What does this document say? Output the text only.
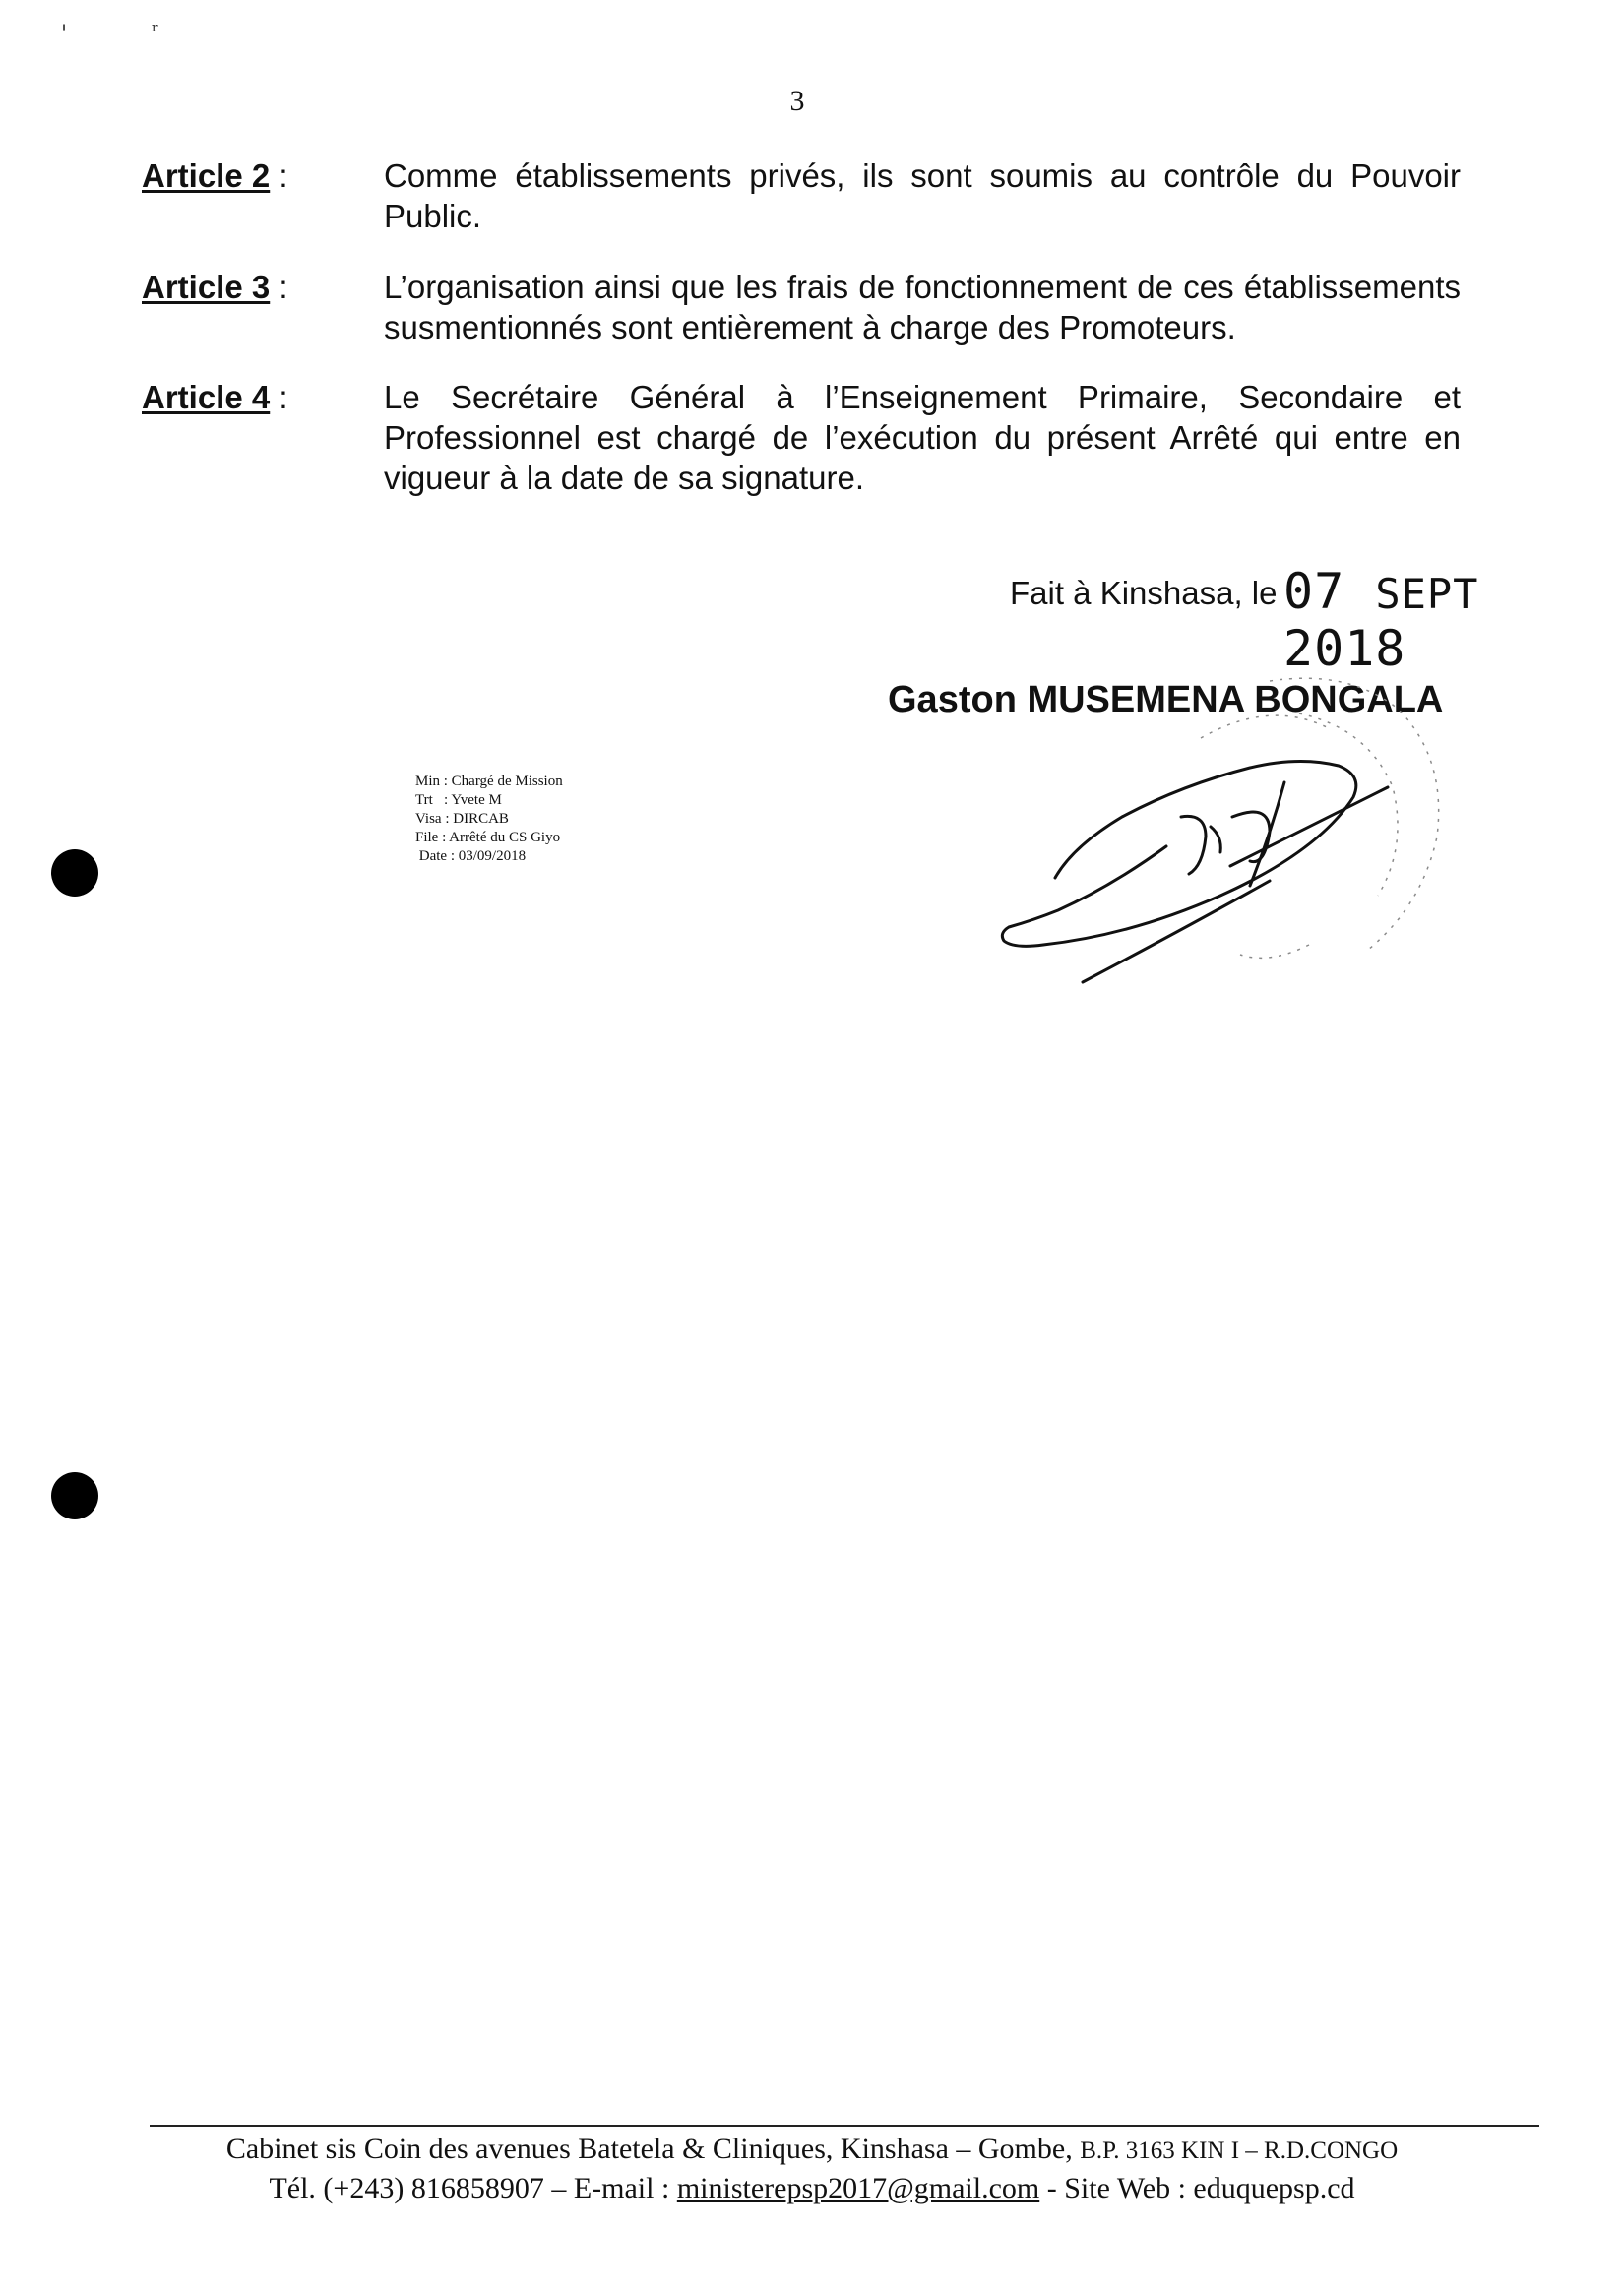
'	ʳ
3
Article 2 :	Comme établissements privés, ils sont soumis au contrôle du Pouvoir Public.
Article 3 :	L’organisation ainsi que les frais de fonctionnement de ces établissements susmentionnés sont entièrement à charge des Promoteurs.
Article 4 :	Le Secrétaire Général à l’Enseignement Primaire, Secondaire et Professionnel est chargé de l’exécution du présent Arrêté qui entre en vigueur à la date de sa signature.
Fait à Kinshasa, le 07 SEPT 2018
Gaston MUSEMENA BONGALA
Min : Chargé de Mission
Trt   : Yvete M
Visa : DIRCAB
File : Arrêté du CS Giyo
Date : 03/09/2018
Cabinet sis Coin des avenues Batetela & Cliniques, Kinshasa – Gombe, B.P. 3163 KIN I – R.D.CONGO
Tél. (+243) 816858907 – E-mail : ministerepsp2017@gmail.com - Site Web : eduquepsp.cd
